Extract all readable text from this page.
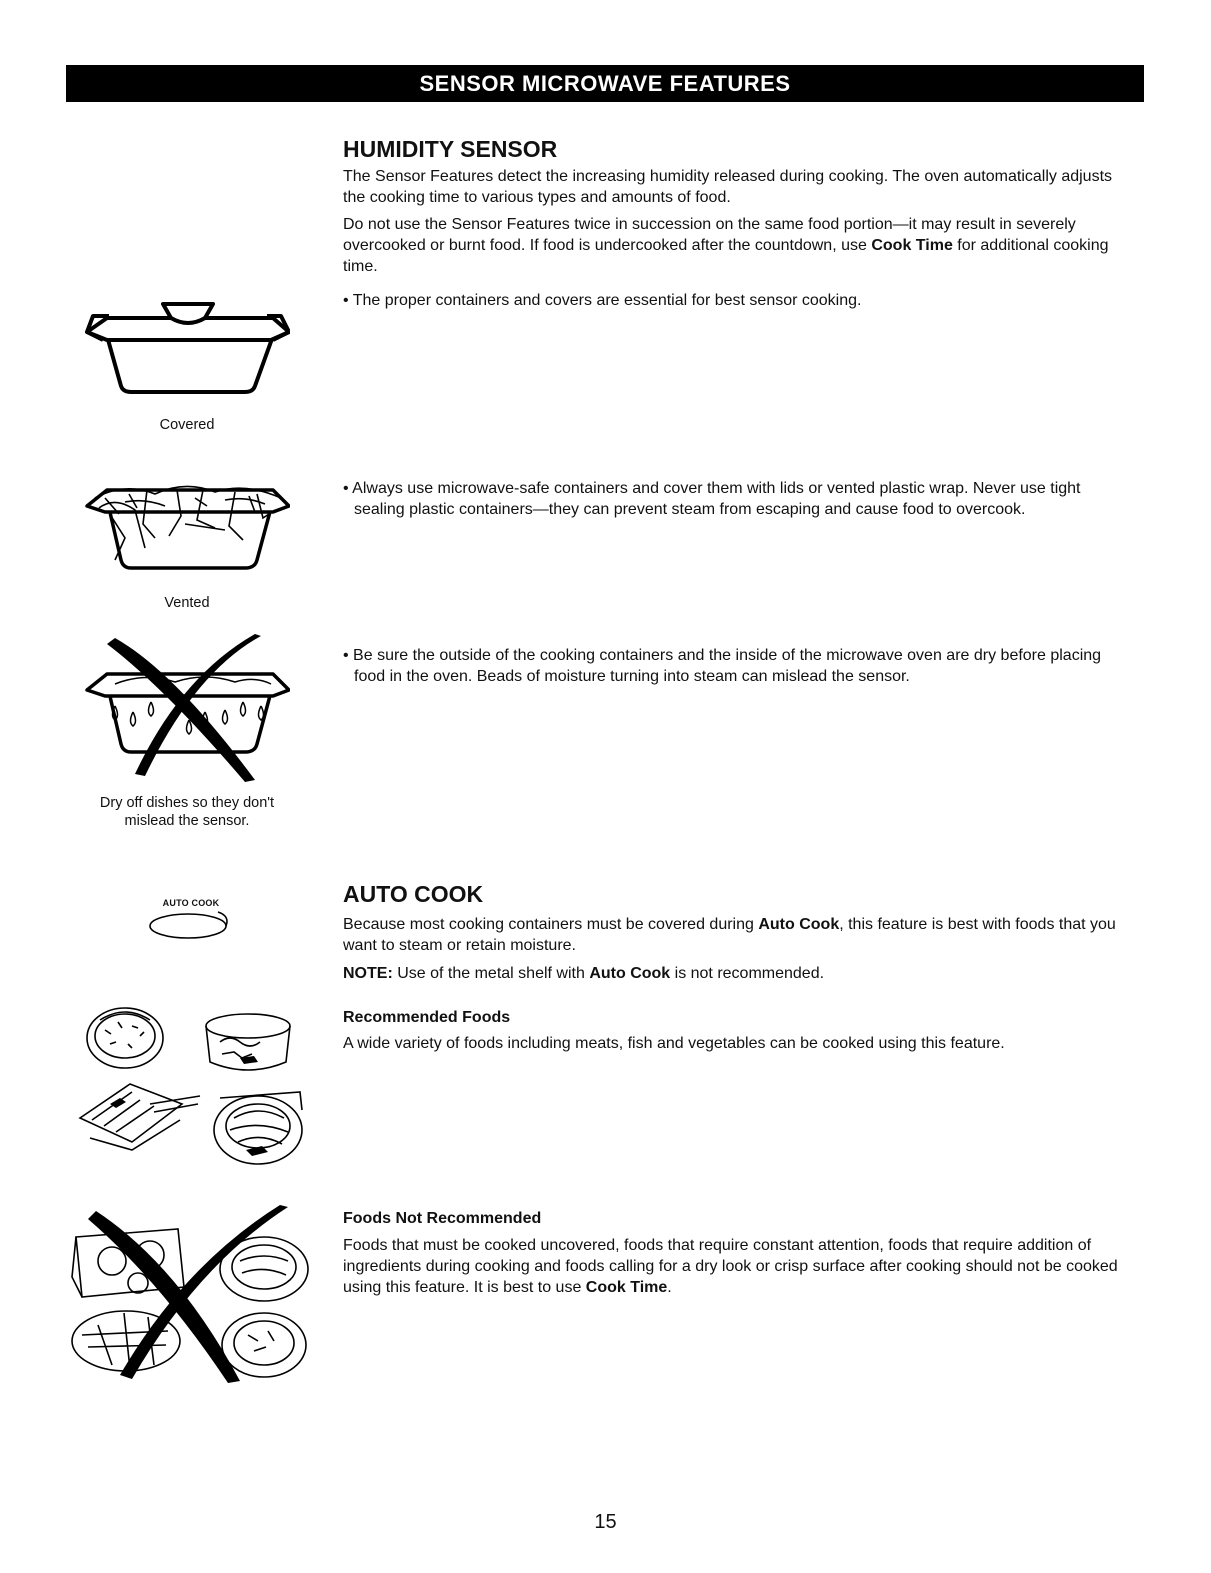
SENSOR MICROWAVE FEATURES
HUMIDITY SENSOR

The Sensor Features detect the increasing humidity released during cooking. The oven automatically adjusts the cooking time to various types and amounts of food.

Do not use the Sensor Features twice in succession on the same food portion—it may result in severely overcooked or burnt food. If food is undercooked after the countdown, use Cook Time for additional cooking time.

• The proper containers and covers are essential for best sensor cooking.
• Always use microwave-safe containers and cover them with lids or vented plastic wrap. Never use tight sealing plastic containers—they can prevent steam from escaping and cause food to overcook.
• Be sure the outside of the cooking containers and the inside of the microwave oven are dry before placing food in the oven. Beads of moisture turning into steam can mislead the sensor.
Covered
Vented
Dry off dishes so they don't
mislead the sensor.
AUTO COOK

Because most cooking containers must be covered during Auto Cook, this feature is best with foods that you want to steam or retain moisture.

NOTE: Use of the metal shelf with Auto Cook is not recommended.

Recommended Foods

A wide variety of foods including meats, fish and vegetables can be cooked using this feature.

Foods Not Recommended

Foods that must be cooked uncovered, foods that require constant attention, foods that require addition of ingredients during cooking and foods calling for a dry look or crisp surface after cooking should not be cooked using this feature. It is best to use Cook Time.

AUTO COOK
15
